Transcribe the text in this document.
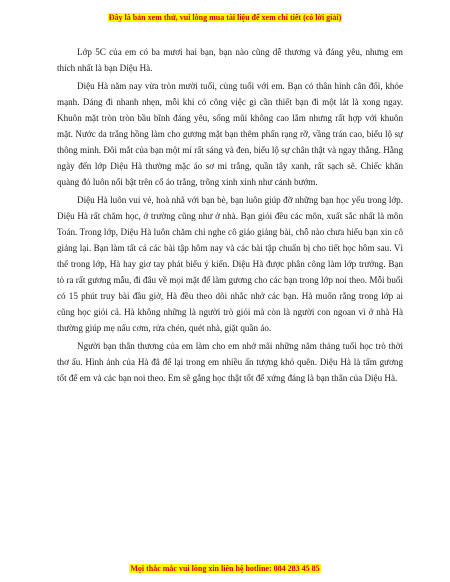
Đây là bản xem thử, vui lòng mua tài liệu để xem chi tiết (có lời giải)

Lớp 5C của em có ba mươi hai bạn, bạn nào cũng dễ thương và đáng yêu, nhưng em thích nhất là bạn Diệu Hà.

Diệu Hà năm nay vừa tròn mười tuổi, cùng tuổi với em. Bạn có thân hình cân đối, khỏe mạnh. Dáng đi nhanh nhẹn, mỗi khi có công việc gì cần thiết bạn đi một lát là xong ngay. Khuôn mặt tròn tròn bầu bĩnh đáng yêu, sống mũi không cao lắm nhưng rất hợp với khuôn mặt. Nước da trắng hồng làm cho gương mặt bạn thêm phấn rạng rỡ, vầng trán cao, biểu lộ sự thông minh. Đôi mắt của bạn một mí rất sáng và đen, biểu lộ sự chân thật và ngay thẳng. Hằng ngày đến lớp Diệu Hà thường mặc áo sơ mi trắng, quần tây xanh, rất sạch sẽ. Chiếc khăn quàng đỏ luôn nổi bật trên cổ áo trắng, trông xinh xinh như cánh bướm.

Diệu Hà luôn vui vẻ, hoà nhã với bạn bè, bạn luôn giúp đỡ những bạn học yếu trong lớp. Diệu Hà rất chăm học, ở trường cũng như ở nhà. Bạn giỏi đều các môn, xuất sắc nhất là môn Toán. Trong lớp, Diệu Hà luôn chăm chỉ nghe cô giáo giảng bài, chỗ nào chưa hiểu bạn xin cô giảng lại. Bạn làm tất cả các bài tập hôm nay và các bài tập chuẩn bị cho tiết học hôm sau. Vì thế trong lớp, Hà hay giơ tay phát biểu ý kiến. Diệu Hà được phân công làm lớp trưởng. Bạn tỏ ra rất gương mẫu, đi đâu về mọi mặt để làm gương cho các bạn trong lớp noi theo. Mỗi buổi có 15 phút truy bài đầu giờ, Hà đều theo dõi nhắc nhở các bạn. Hà muốn rằng trong lớp ai cũng học giỏi cả. Hà không những là người trò giỏi mà còn là người con ngoan vì ở nhà Hà thường giúp mẹ nấu cơm, rửa chén, quét nhà, giặt quần áo.

Người bạn thân thương của em làm cho em nhớ mãi những năm tháng tuổi học trò thời thơ ấu. Hình ảnh của Hà đã để lại trong em nhiều ấn tượng khó quên. Diệu Hà là tấm gương tốt để em và các bạn noi theo. Em sẽ gắng học thật tốt để xứng đáng là bạn thân của Diệu Hà.

Mọi thắc mắc vui lòng xin liên hệ hotline: 084 283 45 85
